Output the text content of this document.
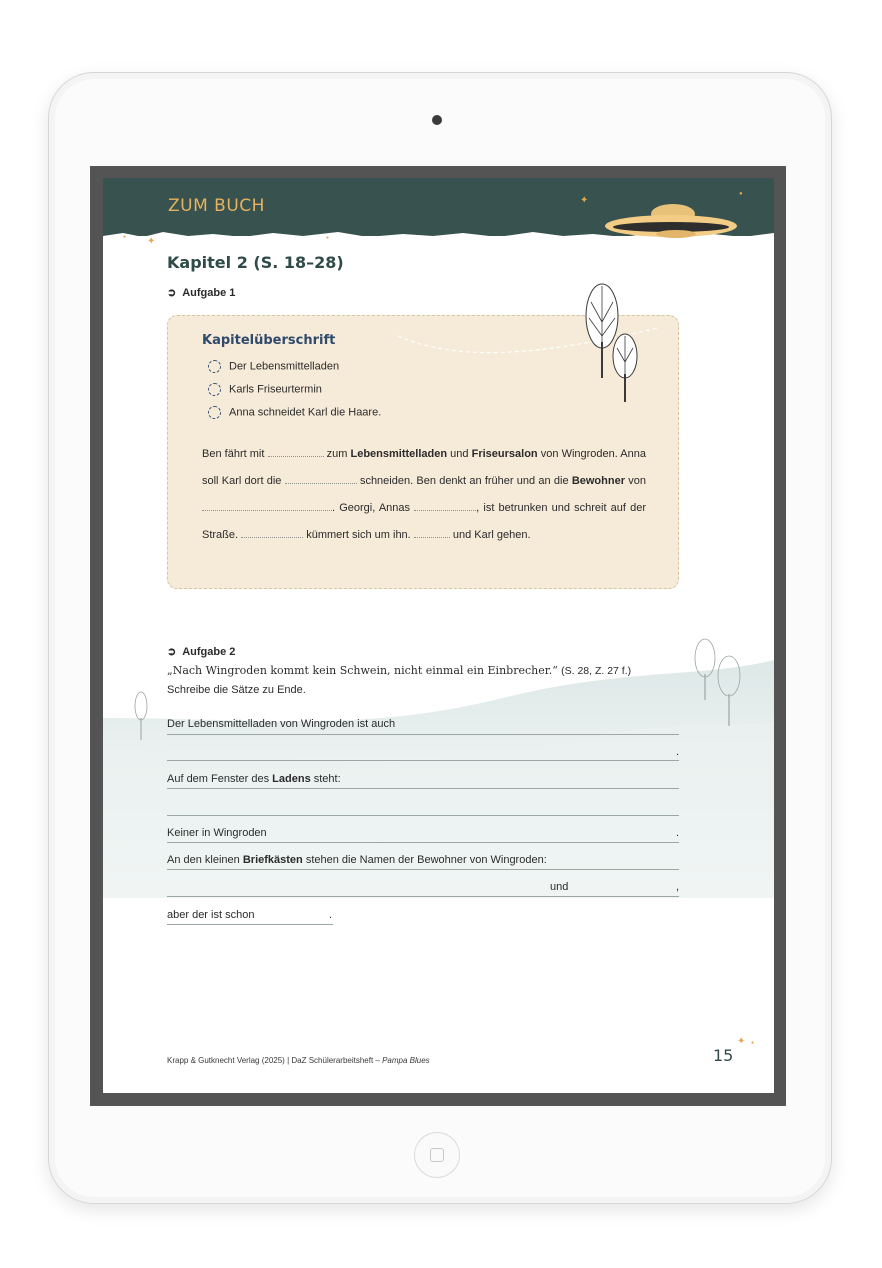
ZUM BUCH
✦
●	●
✦
●
Kapitel 2 (S. 18–28)
➲ Aufgabe 1
Kapitelüberschrift
Der Lebensmittelladen
Karls Friseurtermin
Anna schneidet Karl die Haare.
Ben fährt mit	zum Lebensmittelladen und Friseursalon von Wingroden. Anna soll Karl dort die	schneiden. Ben denkt an früher und an die Bewohner von . Georgi, Annas	, ist betrunken und schreit auf der Straße.	kümmert sich um ihn.	und Karl gehen.
➲ Aufgabe 2
„Nach Wingroden kommt kein Schwein, nicht einmal ein Einbrecher.“ (S. 28, Z. 27 f.)
Schreibe die Sätze zu Ende.
Der Lebensmittelladen von Wingroden ist auch
.
Auf dem Fenster des Ladens steht:
Keiner in Wingroden	.
An den kleinen Briefkästen stehen die Namen der Bewohner von Wingroden:
und	,
aber der ist schon	.
Krapp & Gutknecht Verlag (2025) | DaZ Schülerarbeitsheft – Pampa Blues	15
✦ ●
